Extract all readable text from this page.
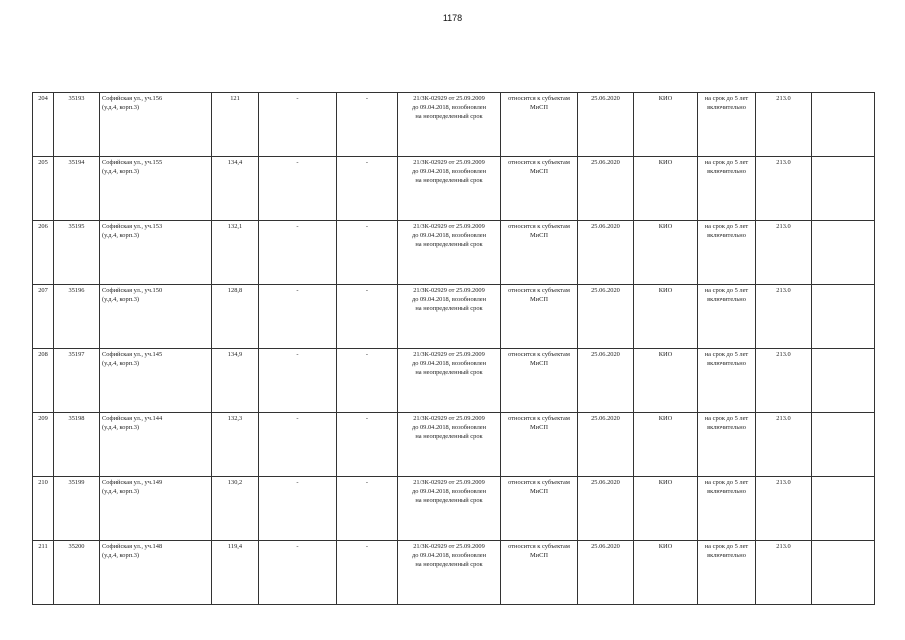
1178
204	35193	Софийская ул., уч.156
(у.д.4, корп.3)	121	-	-	21/ЗК-02929 от 25.09.2009
до 09.04.2018, возобновлен
на неопределенный срок	относится к субъектам
МиСП	25.06.2020	КИО	на срок до 5 лет
включительно	213.0	
205	35194	Софийская ул., уч.155
(у.д.4, корп.3)	134,4	-	-	21/ЗК-02929 от 25.09.2009
до 09.04.2018, возобновлен
на неопределенный срок	относится к субъектам
МиСП	25.06.2020	КИО	на срок до 5 лет
включительно	213.0	
206	35195	Софийская ул., уч.153
(у.д.4, корп.3)	132,1	-	-	21/ЗК-02929 от 25.09.2009
до 09.04.2018, возобновлен
на неопределенный срок	относится к субъектам
МиСП	25.06.2020	КИО	на срок до 5 лет
включительно	213.0	
207	35196	Софийская ул., уч.150
(у.д.4, корп.3)	128,8	-	-	21/ЗК-02929 от 25.09.2009
до 09.04.2018, возобновлен
на неопределенный срок	относится к субъектам
МиСП	25.06.2020	КИО	на срок до 5 лет
включительно	213.0	
208	35197	Софийская ул., уч.145
(у.д.4, корп.3)	134,9	-	-	21/ЗК-02929 от 25.09.2009
до 09.04.2018, возобновлен
на неопределенный срок	относится к субъектам
МиСП	25.06.2020	КИО	на срок до 5 лет
включительно	213.0	
209	35198	Софийская ул., уч.144
(у.д.4, корп.3)	132,3	-	-	21/ЗК-02929 от 25.09.2009
до 09.04.2018, возобновлен
на неопределенный срок	относится к субъектам
МиСП	25.06.2020	КИО	на срок до 5 лет
включительно	213.0	
210	35199	Софийская ул., уч.149
(у.д.4, корп.3)	130,2	-	-	21/ЗК-02929 от 25.09.2009
до 09.04.2018, возобновлен
на неопределенный срок	относится к субъектам
МиСП	25.06.2020	КИО	на срок до 5 лет
включительно	213.0	
211	35200	Софийская ул., уч.148
(у.д.4, корп.3)	119,4	-	-	21/ЗК-02929 от 25.09.2009
до 09.04.2018, возобновлен
на неопределенный срок	относится к субъектам
МиСП	25.06.2020	КИО	на срок до 5 лет
включительно	213.0	
